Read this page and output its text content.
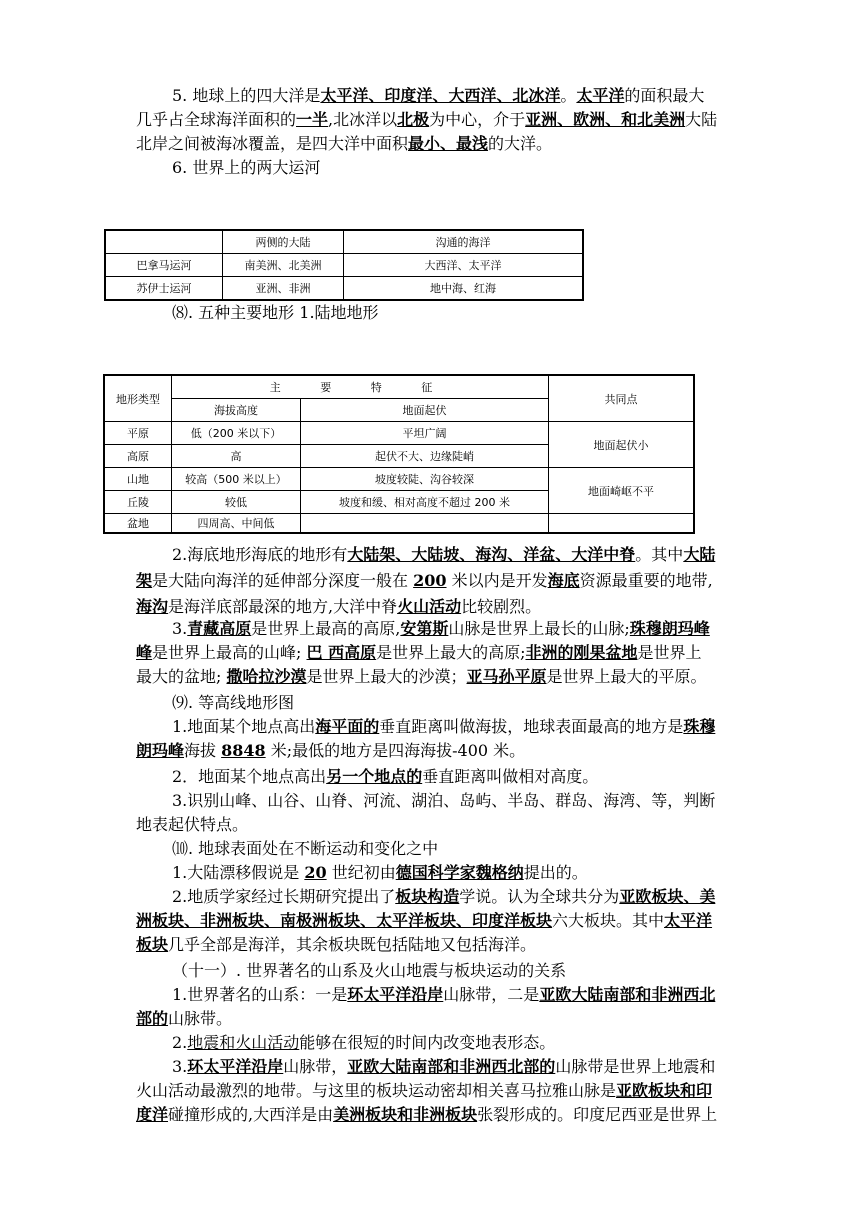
5. 地球上的四大洋是太平洋、印度洋、大西洋、北冰洋。太平洋的面积最大
几乎占全球海洋面积的一半,北冰洋以北极为中心，介于亚洲、欧洲、和北美洲大陆
北岸之间被海冰覆盖，是四大洋中面积最小、最浅的大洋。
6. 世界上的两大运河
	两侧的大陆	沟通的海洋
巴拿马运河	南美洲、北美洲	大西洋、太平洋
苏伊士运河	亚洲、非洲	地中海、红海
⑻. 五种主要地形 1.陆地地形
地形类型	主 要 特 征		共同点
	海拔高度	地面起伏	
平原	低（200 米以下）	平坦广阔	地面起伏小
高原	高	起伏不大、边缘陡峭	
山地	较高（500 米以上）	坡度较陡、沟谷较深	地面崎岖不平
丘陵	较低	坡度和缓、相对高度不超过 200 米	
盆地	四周高、中间低		
2.海底地形海底的地形有大陆架、大陆坡、海沟、洋盆、大洋中脊。其中大陆
架是大陆向海洋的延伸部分深度一般在 200 米以内是开发海底资源最重要的地带,
海沟是海洋底部最深的地方,大洋中脊火山活动比较剧烈。
3.青藏高原是世界上最高的高原,安第斯山脉是世界上最长的山脉;珠穆朗玛峰
峰是世界上最高的山峰; 巴 西高原是世界上最大的高原;非洲的刚果盆地是世界上
最大的盆地; 撒哈拉沙漠是世界上最大的沙漠；亚马孙平原是世界上最大的平原。
⑼. 等高线地形图
1.地面某个地点高出海平面的垂直距离叫做海拔，地球表面最高的地方是珠穆
朗玛峰海拔 8848 米;最低的地方是四海海拔-400 米。
2．地面某个地点高出另一个地点的垂直距离叫做相对高度。
3.识别山峰、山谷、山脊、河流、湖泊、岛屿、半岛、群岛、海湾、等，判断
地表起伏特点。
⑽. 地球表面处在不断运动和变化之中
1.大陆漂移假说是 20 世纪初由德国科学家魏格纳提出的。
2.地质学家经过长期研究提出了板块构造学说。认为全球共分为亚欧板块、美
洲板块、非洲板块、南极洲板块、太平洋板块、印度洋板块六大板块。其中太平洋
板块几乎全部是海洋，其余板块既包括陆地又包括海洋。
（十一）. 世界著名的山系及火山地震与板块运动的关系
1.世界著名的山系：一是环太平洋沿岸山脉带，二是亚欧大陆南部和非洲西北
部的山脉带。
2.地震和火山活动能够在很短的时间内改变地表形态。
3.环太平洋沿岸山脉带，亚欧大陆南部和非洲西北部的山脉带是世界上地震和
火山活动最激烈的地带。与这里的板块运动密却相关喜马拉雅山脉是亚欧板块和印
度洋碰撞形成的,大西洋是由美洲板块和非洲板块张裂形成的。印度尼西亚是世界上
